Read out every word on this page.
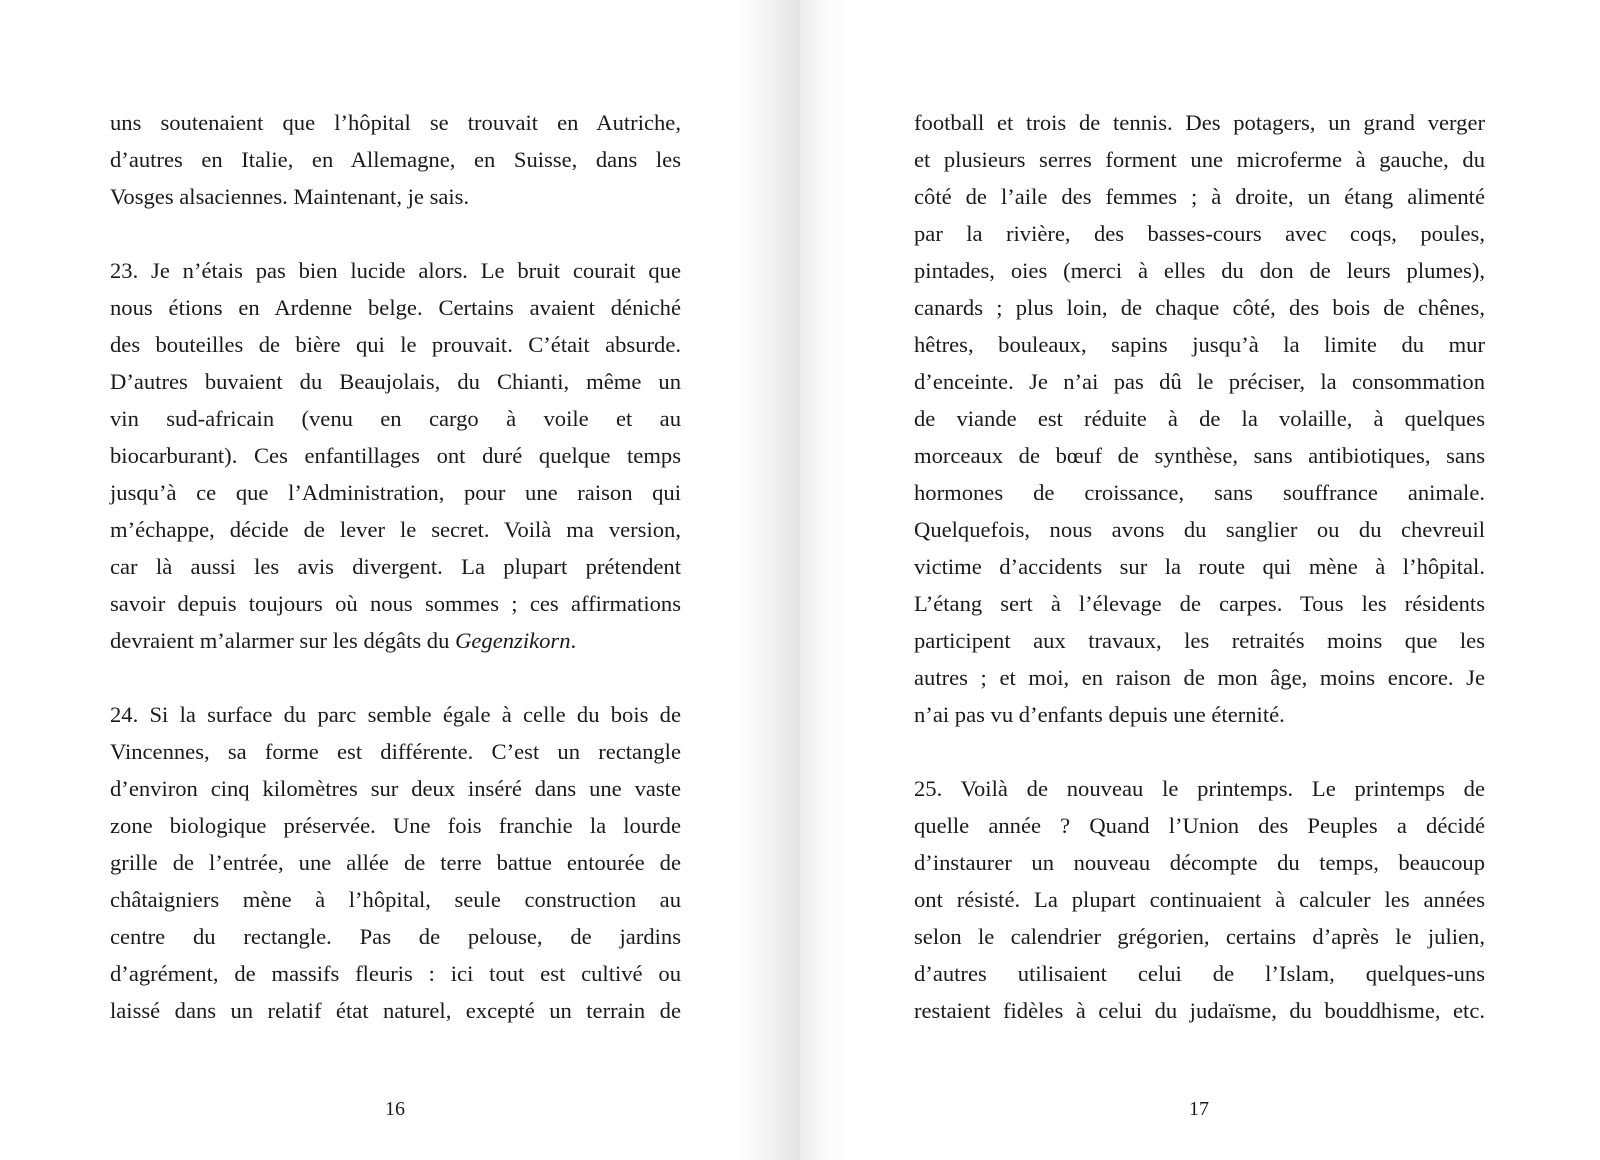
uns soutenaient que l’hôpital se trouvait en Autriche,
d’autres en Italie, en Allemagne, en Suisse, dans les
Vosges alsaciennes. Maintenant, je sais.

23. Je n’étais pas bien lucide alors. Le bruit courait que
nous étions en Ardenne belge. Certains avaient déniché
des bouteilles de bière qui le prouvait. C’était absurde.
D’autres buvaient du Beaujolais, du Chianti, même un
vin sud-africain (venu en cargo à voile et au
biocarburant). Ces enfantillages ont duré quelque temps
jusqu’à ce que l’Administration, pour une raison qui
m’échappe, décide de lever le secret. Voilà ma version,
car là aussi les avis divergent. La plupart prétendent
savoir depuis toujours où nous sommes ; ces affirmations
devraient m’alarmer sur les dégâts du Gegenzikorn.

24. Si la surface du parc semble égale à celle du bois de
Vincennes, sa forme est différente. C’est un rectangle
d’environ cinq kilomètres sur deux inséré dans une vaste
zone biologique préservée. Une fois franchie la lourde
grille de l’entrée, une allée de terre battue entourée de
châtaigniers mène à l’hôpital, seule construction au
centre du rectangle. Pas de pelouse, de jardins
d’agrément, de massifs fleuris : ici tout est cultivé ou
laissé dans un relatif état naturel, excepté un terrain de

16

football et trois de tennis. Des potagers, un grand verger
et plusieurs serres forment une microferme à gauche, du
côté de l’aile des femmes ; à droite, un étang alimenté
par la rivière, des basses-cours avec coqs, poules,
pintades, oies (merci à elles du don de leurs plumes),
canards ; plus loin, de chaque côté, des bois de chênes,
hêtres, bouleaux, sapins jusqu’à la limite du mur
d’enceinte. Je n’ai pas dû le préciser, la consommation
de viande est réduite à de la volaille, à quelques
morceaux de bœuf de synthèse, sans antibiotiques, sans
hormones de croissance, sans souffrance animale.
Quelquefois, nous avons du sanglier ou du chevreuil
victime d’accidents sur la route qui mène à l’hôpital.
L’étang sert à l’élevage de carpes. Tous les résidents
participent aux travaux, les retraités moins que les
autres ; et moi, en raison de mon âge, moins encore. Je
n’ai pas vu d’enfants depuis une éternité.

25. Voilà de nouveau le printemps. Le printemps de
quelle année ? Quand l’Union des Peuples a décidé
d’instaurer un nouveau décompte du temps, beaucoup
ont résisté. La plupart continuaient à calculer les années
selon le calendrier grégorien, certains d’après le julien,
d’autres utilisaient celui de l’Islam, quelques-uns
restaient fidèles à celui du judaïsme, du bouddhisme, etc.

17
